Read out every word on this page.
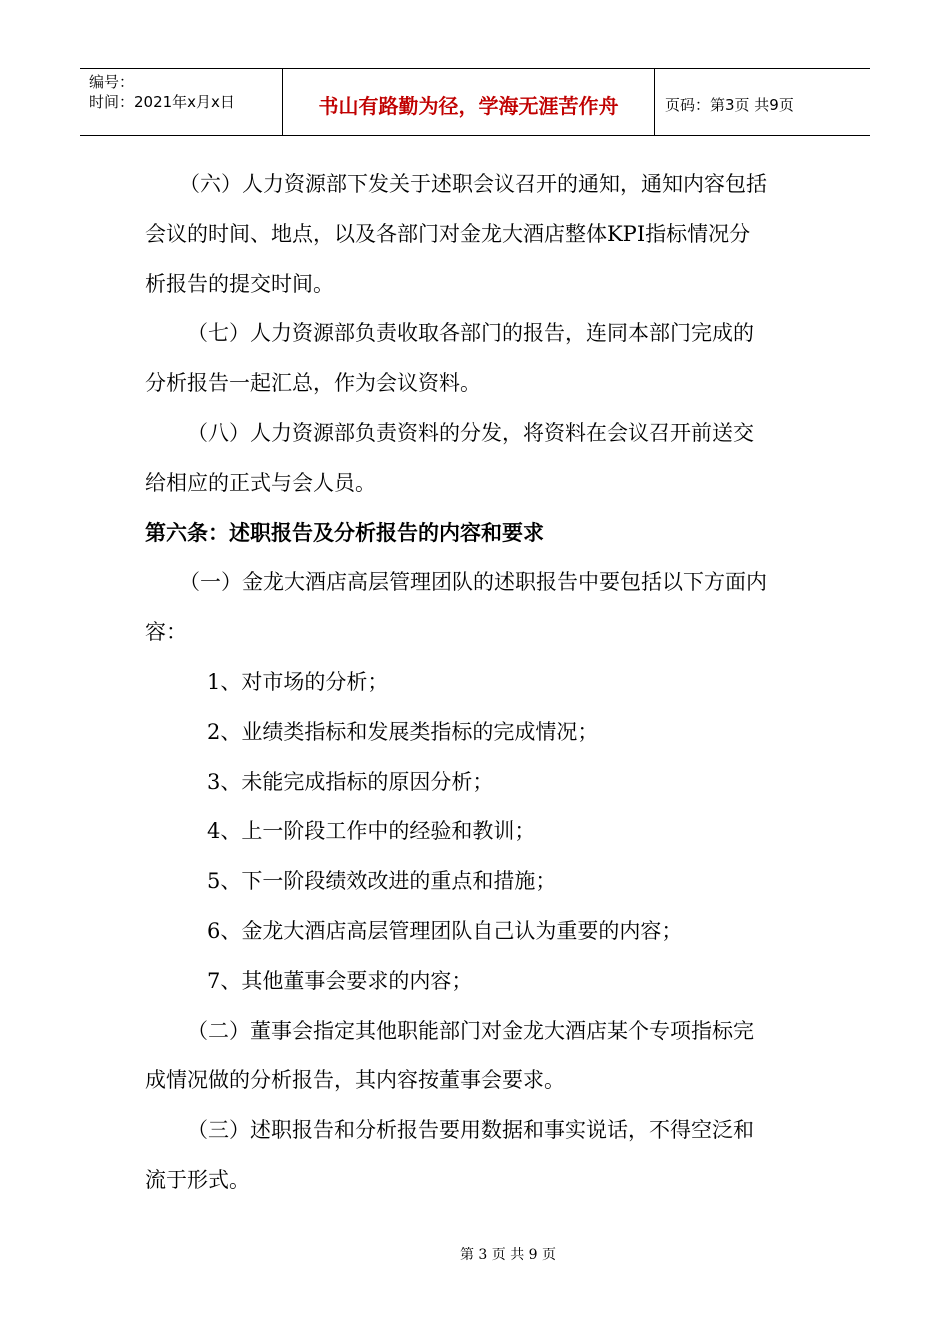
编号：
时间：2021年x月x日	书山有路勤为径，学海无涯苦作舟	页码：第3页 共9页
（六）人力资源部下发关于述职会议召开的通知，通知内容包括
会议的时间、地点，以及各部门对金龙大酒店整体KPI指标情况分
析报告的提交时间。
（七）人力资源部负责收取各部门的报告，连同本部门完成的
分析报告一起汇总，作为会议资料。
（八）人力资源部负责资料的分发，将资料在会议召开前送交
给相应的正式与会人员。
第六条：述职报告及分析报告的内容和要求
（一）金龙大酒店高层管理团队的述职报告中要包括以下方面内
容：
1、对市场的分析；
2、业绩类指标和发展类指标的完成情况；
3、未能完成指标的原因分析；
4、上一阶段工作中的经验和教训；
5、下一阶段绩效改进的重点和措施；
6、金龙大酒店高层管理团队自己认为重要的内容；
7、其他董事会要求的内容；
（二）董事会指定其他职能部门对金龙大酒店某个专项指标完
成情况做的分析报告，其内容按董事会要求。
（三）述职报告和分析报告要用数据和事实说话，不得空泛和
流于形式。
第 3 页 共 9 页
